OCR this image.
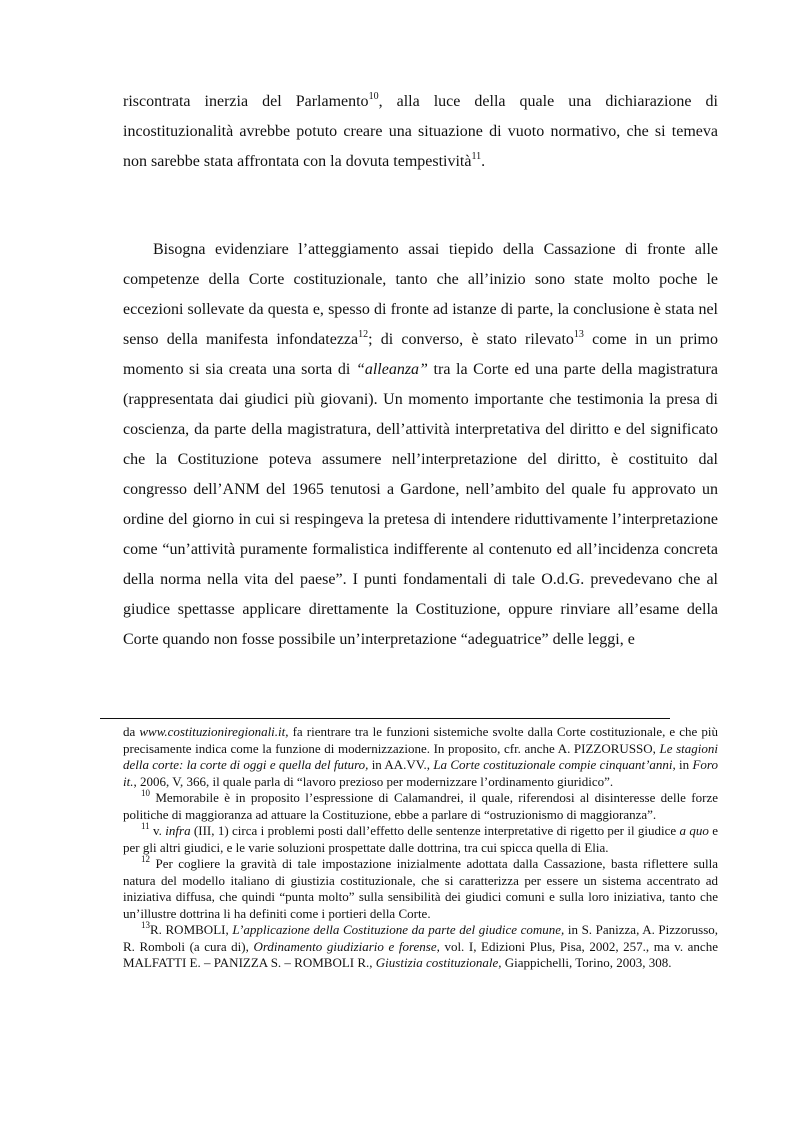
riscontrata inerzia del Parlamento$^{10}$, alla luce della quale una dichiarazione di incostituzionalità avrebbe potuto creare una situazione di vuoto normativo, che si temeva non sarebbe stata affrontata con la dovuta tempestività$^{11}$.

Bisogna evidenziare l’atteggiamento assai tiepido della Cassazione di fronte alle competenze della Corte costituzionale, tanto che all’inizio sono state molto poche le eccezioni sollevate da questa e, spesso di fronte ad istanze di parte, la conclusione è stata nel senso della manifesta infondatezza$^{12}$; di converso, è stato rilevato$^{13}$ come in un primo momento si sia creata una sorta di “alleanza” tra la Corte ed una parte della magistratura (rappresentata dai giudici più giovani). Un momento importante che testimonia la presa di coscienza, da parte della magistratura, dell’attività interpretativa del diritto e del significato che la Costituzione poteva assumere nell’interpretazione del diritto, è costituito dal congresso dell’ANM del 1965 tenutosi a Gardone, nell’ambito del quale fu approvato un ordine del giorno in cui si respingeva la pretesa di intendere riduttivamente l’interpretazione come “un’attività puramente formalistica indifferente al contenuto ed all’incidenza concreta della norma nella vita del paese”. I punti fondamentali di tale O.d.G. prevedevano che al giudice spettasse applicare direttamente la Costituzione, oppure rinviare all’esame della Corte quando non fosse possibile un’interpretazione “adeguatrice” delle leggi, e

da www.costituzioniregionali.it, fa rientrare tra le funzioni sistemiche svolte dalla Corte costituzionale, e che più precisamente indica come la funzione di modernizzazione. In proposito, cfr. anche A. PIZZORUSSO, Le stagioni della corte: la corte di oggi e quella del futuro, in AA.VV., La Corte costituzionale compie cinquant’anni, in Foro it., 2006, V, 366, il quale parla di “lavoro prezioso per modernizzare l’ordinamento giuridico”.

$^{10}$ Memorabile è in proposito l’espressione di Calamandrei, il quale, riferendosi al disinteresse delle forze politiche di maggioranza ad attuare la Costituzione, ebbe a parlare di “ostruzionismo di maggioranza”.

$^{11}$ v. infra (III, 1) circa i problemi posti dall’effetto delle sentenze interpretative di rigetto per il giudice a quo e per gli altri giudici, e le varie soluzioni prospettate dalle dottrina, tra cui spicca quella di Elia.

$^{12}$ Per cogliere la gravità di tale impostazione inizialmente adottata dalla Cassazione, basta riflettere sulla natura del modello italiano di giustizia costituzionale, che si caratterizza per essere un sistema accentrato ad iniziativa diffusa, che quindi “punta molto” sulla sensibilità dei giudici comuni e sulla loro iniziativa, tanto che un’illustre dottrina li ha definiti come i portieri della Corte.

$^{13}$R. ROMBOLI, L’applicazione della Costituzione da parte del giudice comune, in S. Panizza, A. Pizzorusso, R. Romboli (a cura di), Ordinamento giudiziario e forense, vol. I, Edizioni Plus, Pisa, 2002, 257., ma v. anche MALFATTI E. – PANIZZA S. – ROMBOLI R., Giustizia costituzionale, Giappichelli, Torino, 2003, 308.
